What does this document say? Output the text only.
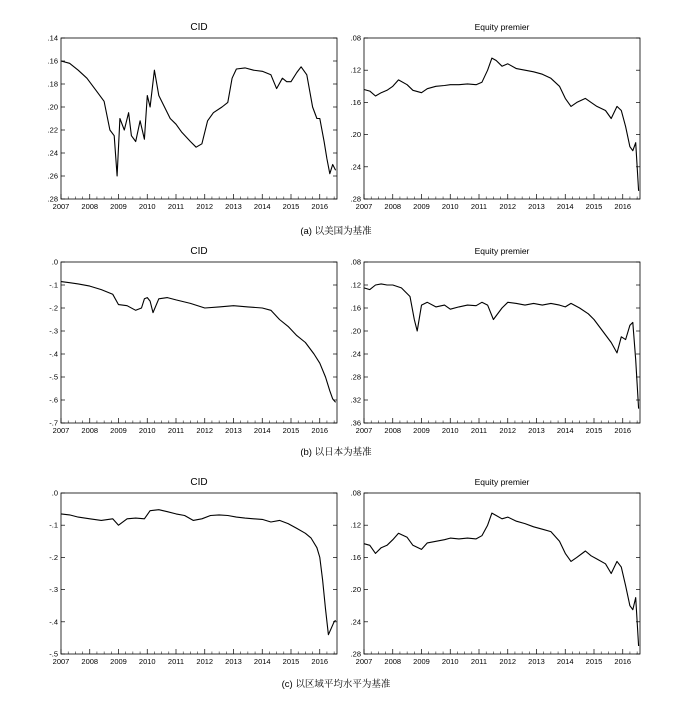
CID
.14
.16
.18
.20
.22
.24
.26
.28
2007 2008 2009 2010 2011 2012 2013 2014 2015 2016
Equity premier
.08
.12
.16
.20
.24
.28
2007 2008 2009 2010 2011 2012 2013 2014 2015 2016
(a) 以美国为基准
CID
.0
-.1
-.2
-.3
-.4
-.5
-.6
-.7
2007 2008 2009 2010 2011 2012 2013 2014 2015 2016
Equity premier
.08
.12
.16
.20
.24
.28
.32
.36
2007 2008 2009 2010 2011 2012 2013 2014 2015 2016
(b) 以日本为基准
CID
.0
-.1
-.2
-.3
-.4
-.5
2007 2008 2009 2010 2011 2012 2013 2014 2015 2016
Equity premier
.08
.12
.16
.20
.24
.28
2007 2008 2009 2010 2011 2012 2013 2014 2015 2016
(c) 以区域平均水平为基准
